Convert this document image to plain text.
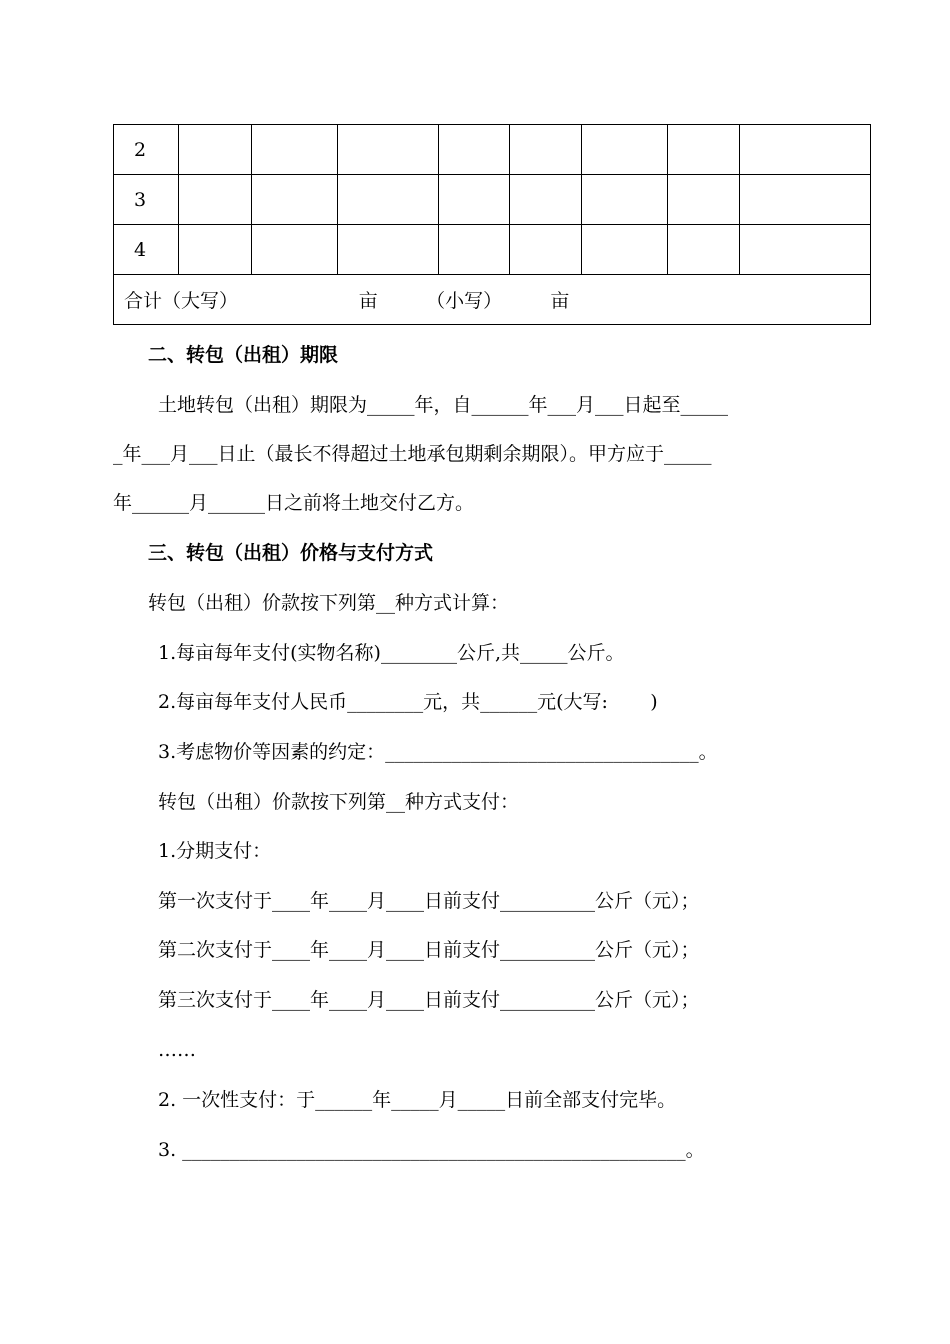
2								
3								
4								
合计（大写）                    亩        （小写）        亩								
二、转包（出租）期限
土地转包（出租）期限为_____年，自______年___月___日起至_____
_年___月___日止（最长不得超过土地承包期剩余期限）。甲方应于_____
年______月______日之前将土地交付乙方。
三、转包（出租）价格与支付方式
转包（出租）价款按下列第__种方式计算：
1.每亩每年支付(实物名称)________公斤,共_____公斤。
2.每亩每年支付人民币________元，共______元(大写:       )
3.考虑物价等因素的约定：_________________________________。
转包（出租）价款按下列第__种方式支付：
1.分期支付：
第一次支付于____年____月____日前支付__________公斤（元）；
第二次支付于____年____月____日前支付__________公斤（元）；
第三次支付于____年____月____日前支付__________公斤（元）；
……
2. 一次性支付：于______年_____月_____日前全部支付完毕。
3. _____________________________________________________。
